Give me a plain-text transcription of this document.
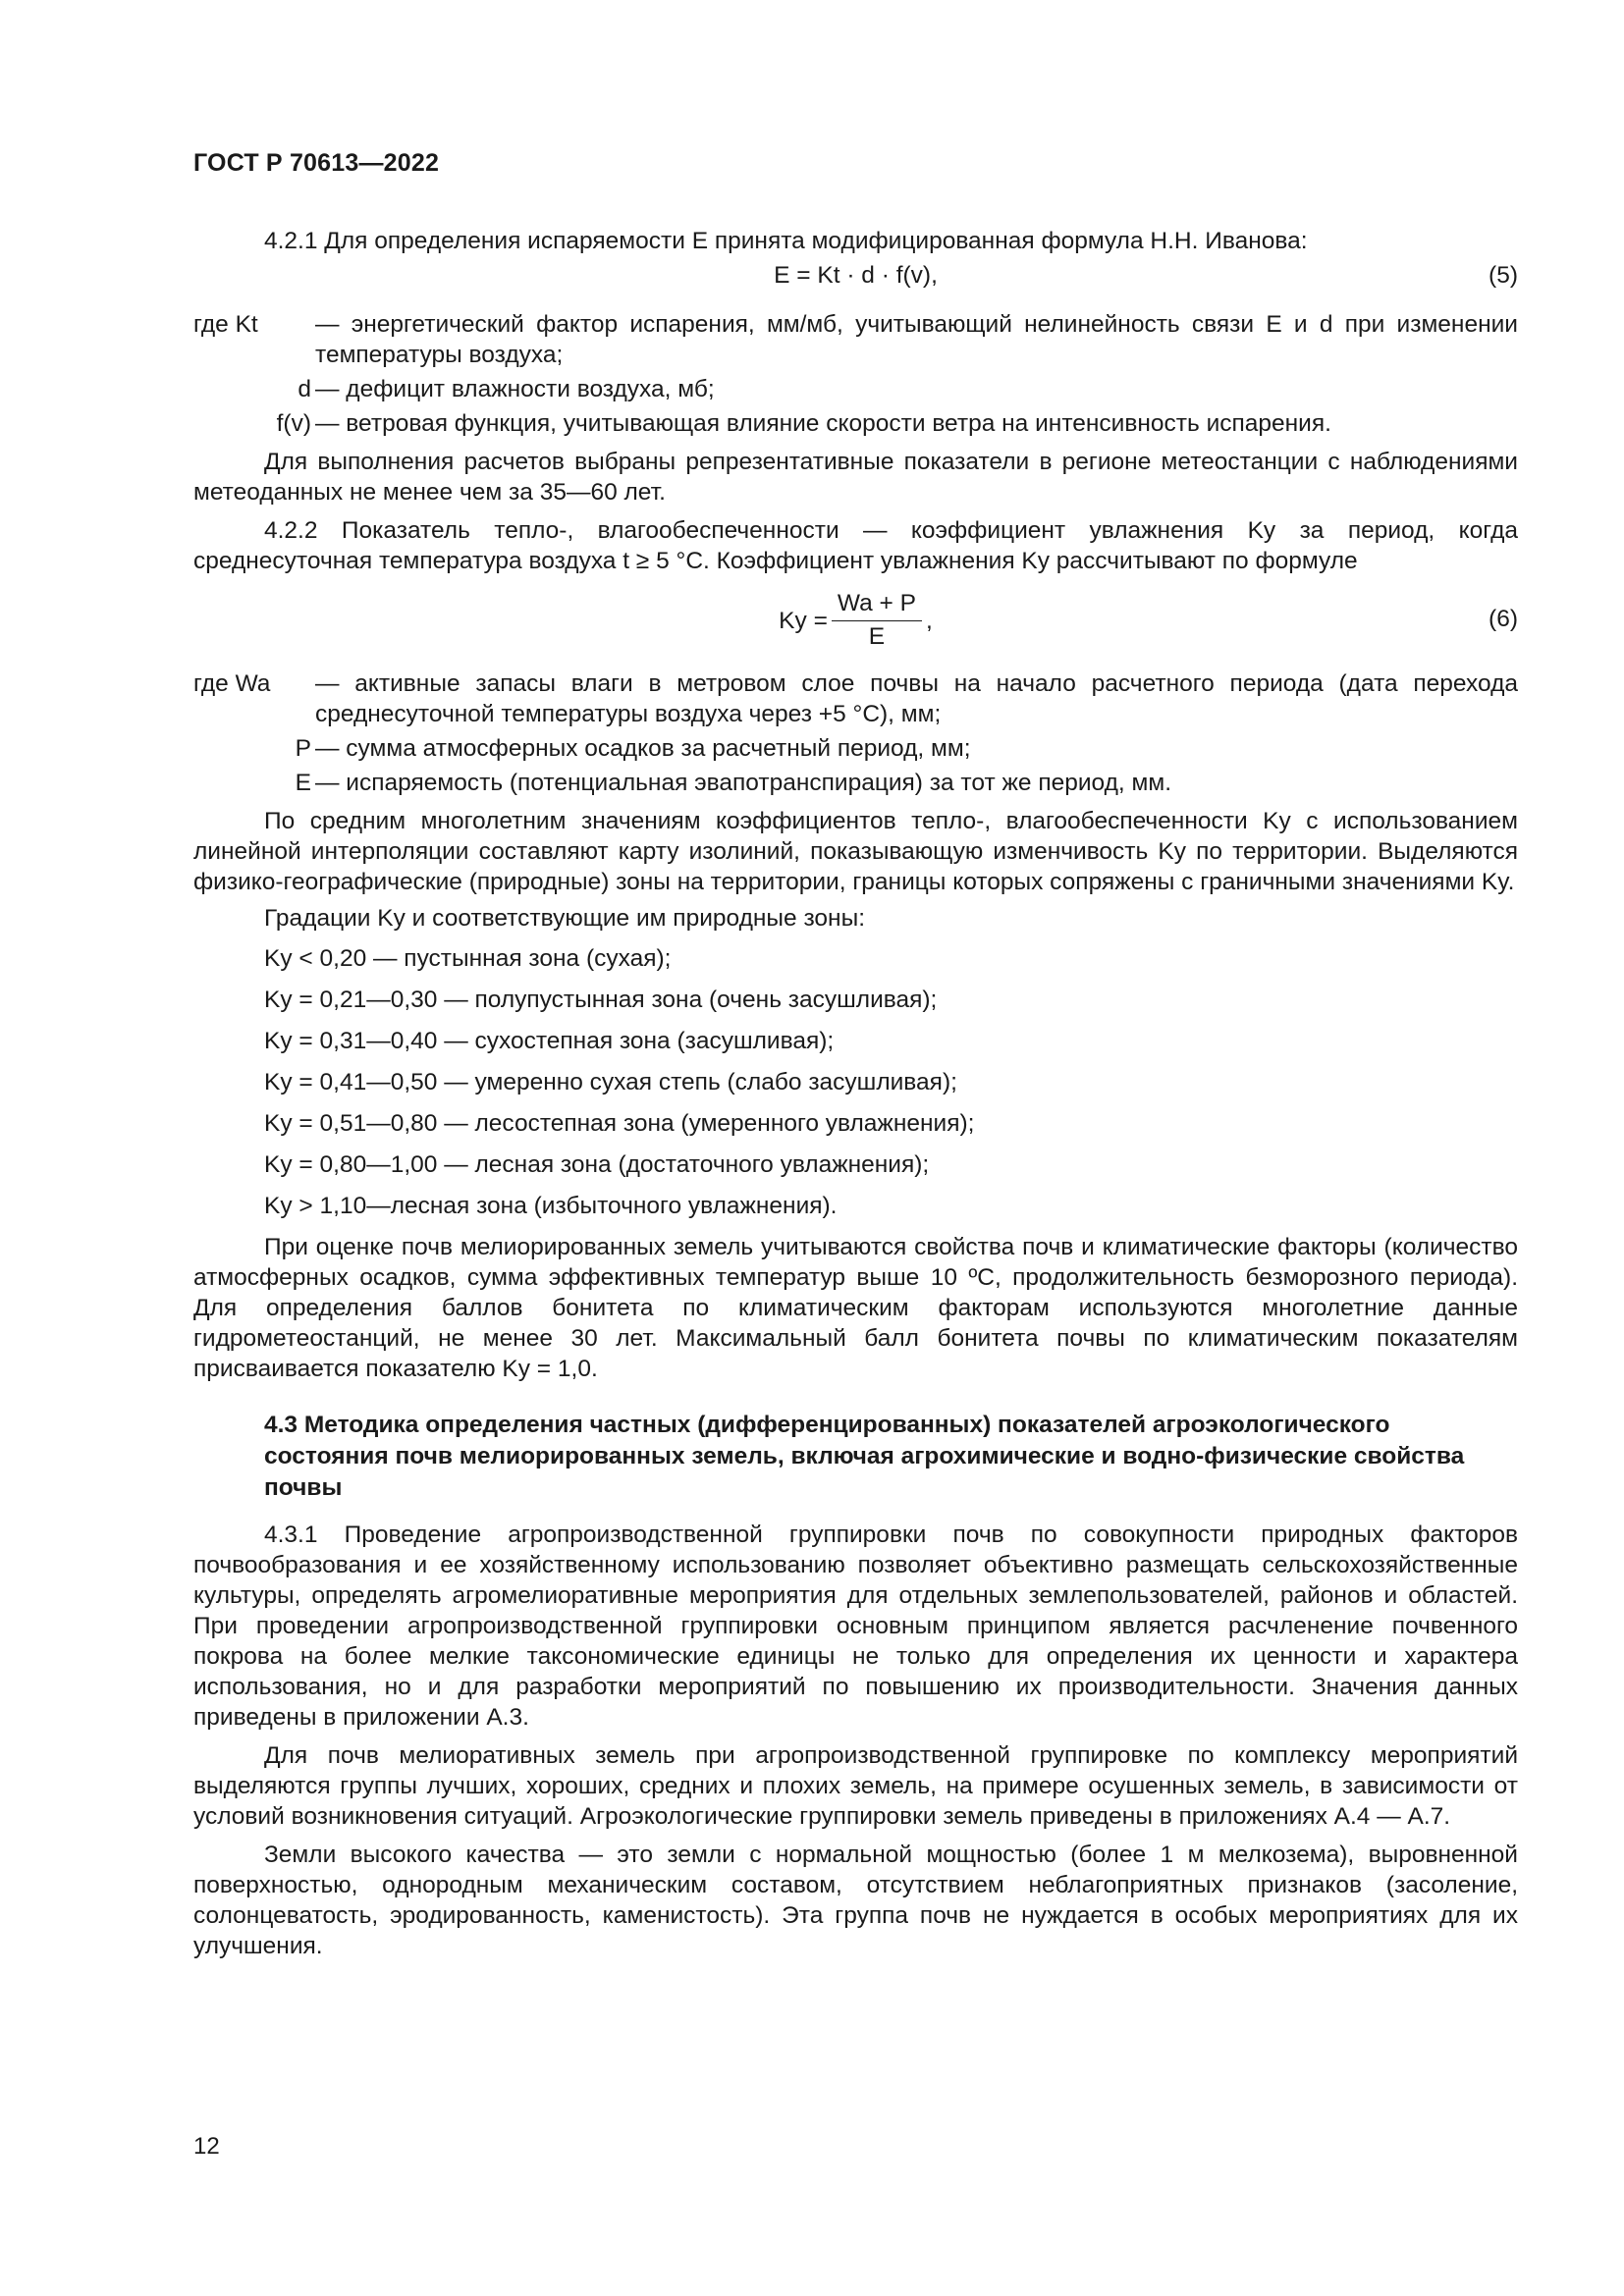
ГОСТ Р 70613—2022

4.2.1 Для определения испаряемости E принята модифицированная формула Н.Н. Иванова:

E = Kt · d · f(v),	(5)
где Kt	— энергетический фактор испарения, мм/мб, учитывающий нелинейность связи E и d при изменении температуры воздуха;
d — дефицит влажности воздуха, мб;
f(v) — ветровая функция, учитывающая влияние скорости ветра на интенсивность испарения.

Для выполнения расчетов выбраны репрезентативные показатели в регионе метеостанции с наблюдениями метеоданных не менее чем за 35—60 лет.

4.2.2 Показатель тепло-, влагообеспеченности — коэффициент увлажнения Ky за период, когда среднесуточная температура воздуха t ≥ 5 °С. Коэффициент увлажнения Ky рассчитывают по формуле

$Ky = \frac{Wa + P}{E}$ ,	(6)
где Wa	— активные запасы влаги в метровом слое почвы на начало расчетного периода (дата перехода среднесуточной температуры воздуха через +5 °С), мм;
P — сумма атмосферных осадков за расчетный период, мм;
E — испаряемость (потенциальная эвапотранспирация) за тот же период, мм.

По средним многолетним значениям коэффициентов тепло-, влагообеспеченности Ky с использованием линейной интерполяции составляют карту изолиний, показывающую изменчивость Ky по территории. Выделяются физико-географические (природные) зоны на территории, границы которых сопряжены с граничными значениями Ky.

Градации Ky и соответствующие им природные зоны:

Ky < 0,20 — пустынная зона (сухая);

Ky = 0,21—0,30 — полупустынная зона (очень засушливая);

Ky = 0,31—0,40 — сухостепная зона (засушливая);

Ky = 0,41—0,50 — умеренно сухая степь (слабо засушливая);

Ky = 0,51—0,80 — лесостепная зона (умеренного увлажнения);

Ky = 0,80—1,00 — лесная зона (достаточного увлажнения);

Ky > 1,10—лесная зона (избыточного увлажнения).

При оценке почв мелиорированных земель учитываются свойства почв и климатические факторы (количество атмосферных осадков, сумма эффективных температур выше 10 ºС, продолжительность безморозного периода). Для определения баллов бонитета по климатическим факторам используются многолетние данные гидрометеостанций, не менее 30 лет. Максимальный балл бонитета почвы по климатическим показателям присваивается показателю Ky = 1,0.

4.3 Методика определения частных (дифференцированных) показателей агроэкологического состояния почв мелиорированных земель, включая агрохимические и водно-физические свойства почвы

4.3.1 Проведение агропроизводственной группировки почв по совокупности природных факторов почвообразования и ее хозяйственному использованию позволяет объективно размещать сельскохозяйственные культуры, определять агромелиоративные мероприятия для отдельных землепользователей, районов и областей. При проведении агропроизводственной группировки основным принципом является расчленение почвенного покрова на более мелкие таксономические единицы не только для определения их ценности и характера использования, но и для разработки мероприятий по повышению их производительности. Значения данных приведены в приложении А.3.

Для почв мелиоративных земель при агропроизводственной группировке по комплексу мероприятий выделяются группы лучших, хороших, средних и плохих земель, на примере осушенных земель, в зависимости от условий возникновения ситуаций. Агроэкологические группировки земель приведены в приложениях А.4 — А.7.

Земли высокого качества — это земли с нормальной мощностью (более 1 м мелкозема), выровненной поверхностью, однородным механическим составом, отсутствием неблагоприятных признаков (засоление, солонцеватость, эродированность, каменистость). Эта группа почв не нуждается в особых мероприятиях для их улучшения.

12
